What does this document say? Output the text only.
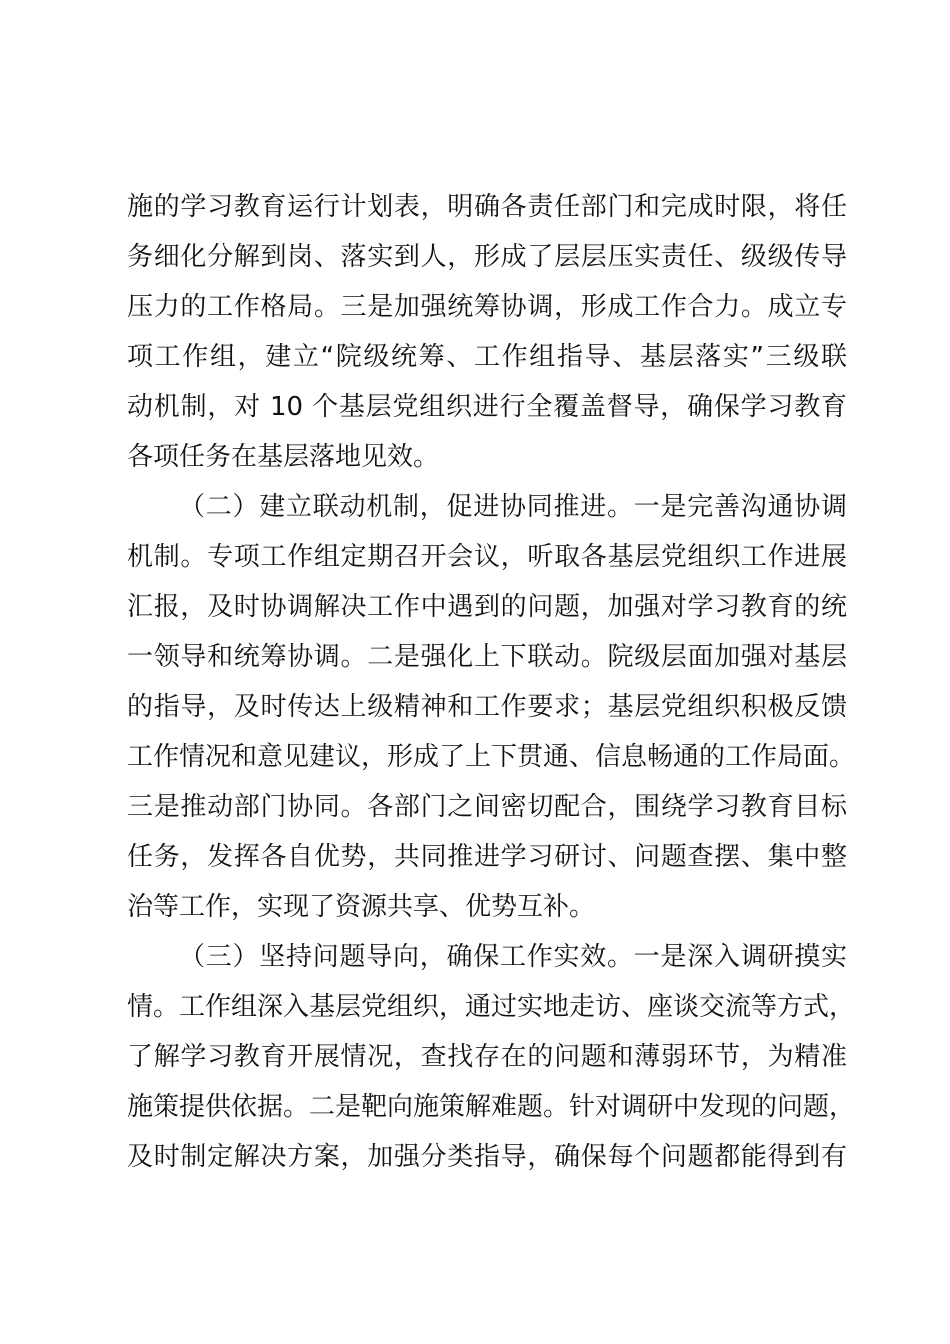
施的学习教育运行计划表，明确各责任部门和完成时限，将任
务细化分解到岗、落实到人，形成了层层压实责任、级级传导
压力的工作格局。三是加强统筹协调，形成工作合力。成立专
项工作组，建立“院级统筹、工作组指导、基层落实”三级联
动机制，对 10 个基层党组织进行全覆盖督导，确保学习教育
各项任务在基层落地见效。
（二）建立联动机制，促进协同推进。一是完善沟通协调
机制。专项工作组定期召开会议，听取各基层党组织工作进展
汇报，及时协调解决工作中遇到的问题，加强对学习教育的统
一领导和统筹协调。二是强化上下联动。院级层面加强对基层
的指导，及时传达上级精神和工作要求；基层党组织积极反馈
工作情况和意见建议，形成了上下贯通、信息畅通的工作局面。
三是推动部门协同。各部门之间密切配合，围绕学习教育目标
任务，发挥各自优势，共同推进学习研讨、问题查摆、集中整
治等工作，实现了资源共享、优势互补。
（三）坚持问题导向，确保工作实效。一是深入调研摸实
情。工作组深入基层党组织，通过实地走访、座谈交流等方式，
了解学习教育开展情况，查找存在的问题和薄弱环节，为精准
施策提供依据。二是靶向施策解难题。针对调研中发现的问题，
及时制定解决方案，加强分类指导，确保每个问题都能得到有
